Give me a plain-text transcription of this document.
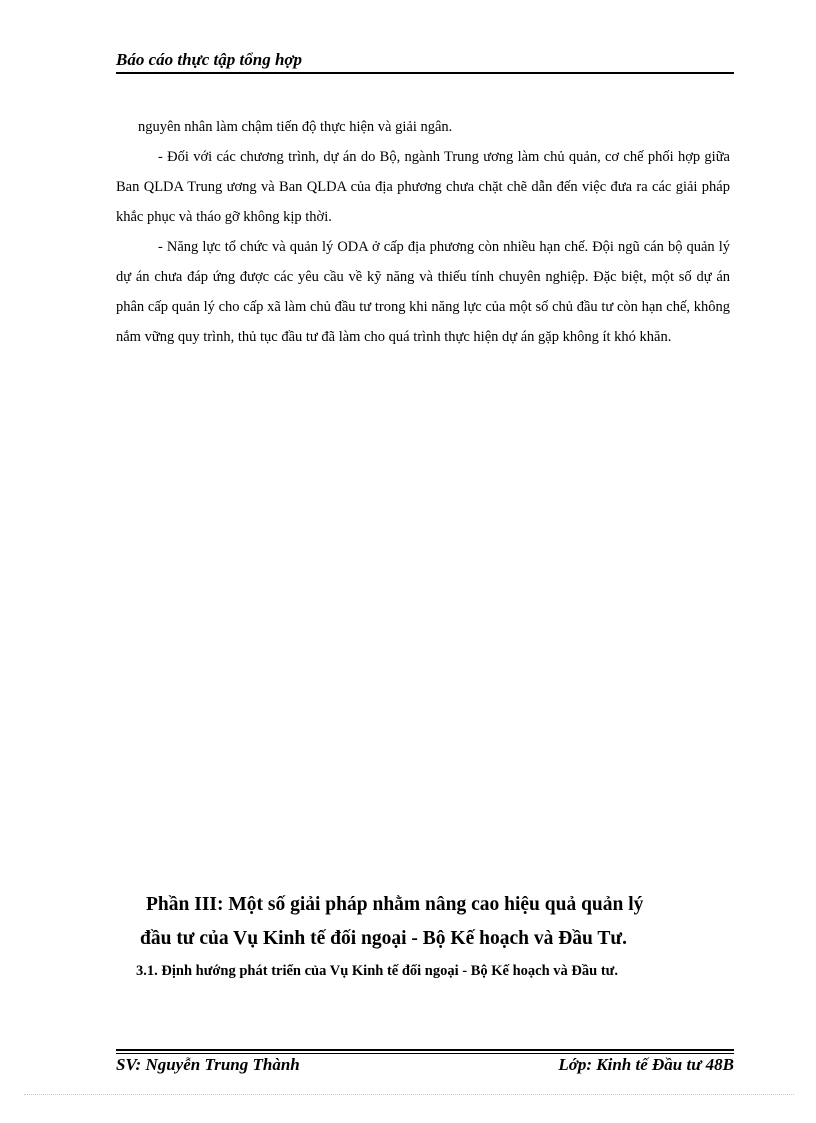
Báo cáo thực tập tổng hợp

nguyên nhân làm chậm tiến độ thực hiện và giải ngân.

- Đối với các chương trình, dự án do Bộ, ngành Trung ương làm chủ quản, cơ chế phối hợp giữa Ban QLDA Trung ương và Ban QLDA của địa phương chưa chặt chẽ dẫn đến việc đưa ra các giải pháp khắc phục và tháo gỡ không kịp thời.

- Năng lực tổ chức và quản lý ODA ở cấp địa phương còn nhiều hạn chế. Đội ngũ cán bộ quản lý dự án chưa đáp ứng được các yêu cầu về kỹ năng và thiếu tính chuyên nghiệp. Đặc biệt, một số dự án phân cấp quản lý cho cấp xã làm chủ đầu tư trong khi năng lực của một số chủ đầu tư còn hạn chế, không nắm vững quy trình, thủ tục đầu tư đã làm cho quá trình thực hiện dự án gặp không ít khó khăn.

Phần III: Một số giải pháp nhằm nâng cao hiệu quả quản lý
đầu tư của Vụ Kinh tế đối ngoại - Bộ Kế hoạch và Đầu Tư.
3.1. Định hướng phát triển của Vụ Kinh tế đối ngoại - Bộ Kế hoạch và Đầu tư.
SV: Nguyễn Trung Thành	Lớp: Kinh tế Đầu tư 48B
